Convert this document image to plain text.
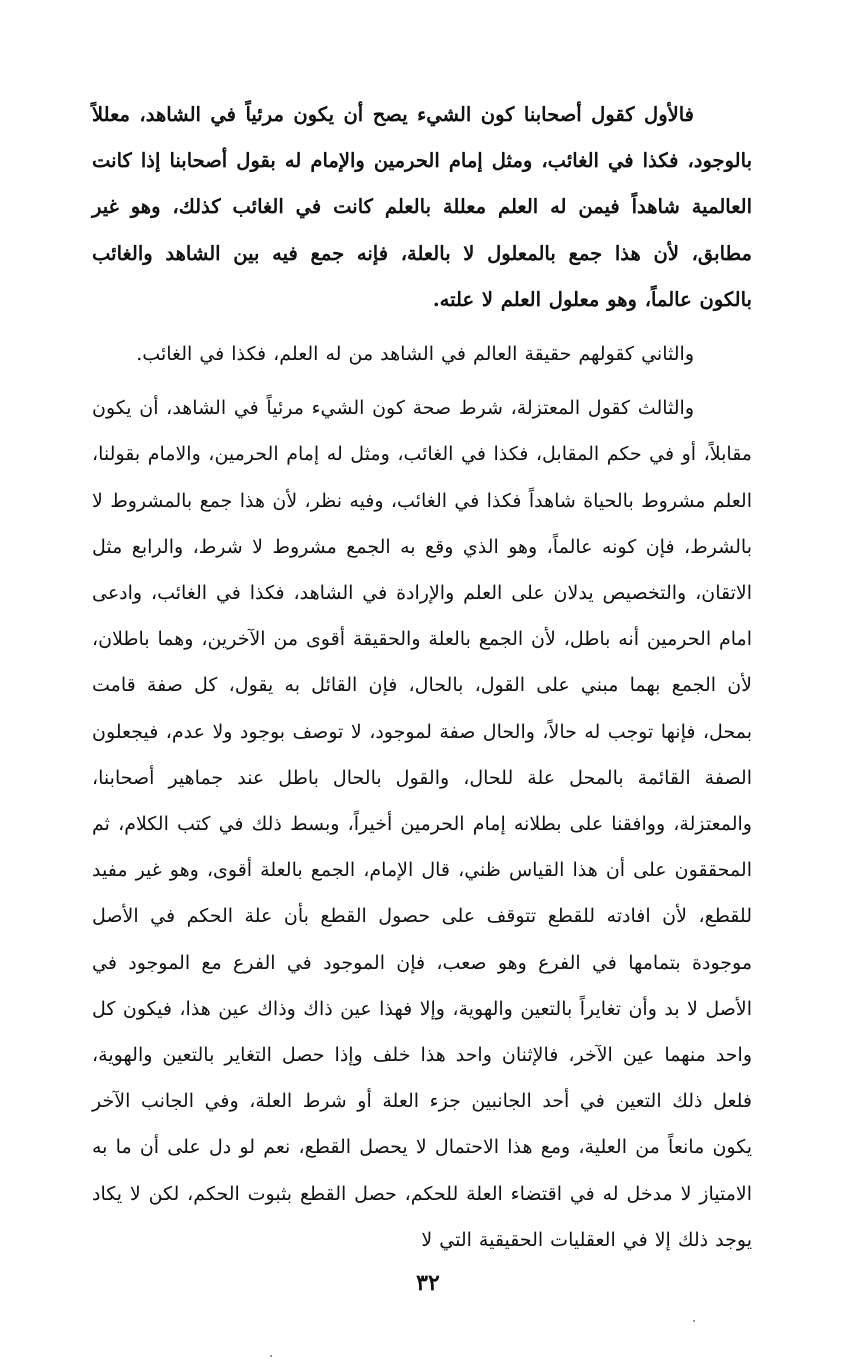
فالأول كقول أصحابنا كون الشيء يصح أن يكون مرئياً في الشاهد، معللاً بالوجود، فكذا في الغائب، ومثل إمام الحرمين والإمام له بقول أصحابنا إذا كانت العالمية شاهداً فيمن له العلم معللة بالعلم كانت في الغائب كذلك، وهو غير مطابق، لأن هذا جمع بالمعلول لا بالعلة، فإنه جمع فيه بين الشاهد والغائب بالكون عالماً، وهو معلول العلم لا علته.

والثاني كقولهم حقيقة العالم في الشاهد من له العلم، فكذا في الغائب.

والثالث كقول المعتزلة، شرط صحة كون الشيء مرئياً في الشاهد، أن يكون مقابلاً، أو في حكم المقابل، فكذا في الغائب، ومثل له إمام الحرمين، والامام بقولنا، العلم مشروط بالحياة شاهداً فكذا في الغائب، وفيه نظر، لأن هذا جمع بالمشروط لا بالشرط، فإن كونه عالماً، وهو الذي وقع به الجمع مشروط لا شرط، والرابع مثل الاتقان، والتخصيص يدلان على العلم والإرادة في الشاهد، فكذا في الغائب، وادعى امام الحرمين أنه باطل، لأن الجمع بالعلة والحقيقة أقوى من الآخرين، وهما باطلان، لأن الجمع بهما مبني على القول، بالحال، فإن القائل به يقول، كل صفة قامت بمحل، فإنها توجب له حالاً، والحال صفة لموجود، لا توصف بوجود ولا عدم، فيجعلون الصفة القائمة بالمحل علة للحال، والقول بالحال باطل عند جماهير أصحابنا، والمعتزلة، ووافقنا على بطلانه إمام الحرمين أخيراً، وبسط ذلك في كتب الكلام، ثم المحققون على أن هذا القياس ظني، قال الإمام، الجمع بالعلة أقوى، وهو غير مفيد للقطع، لأن افادته للقطع تتوقف على حصول القطع بأن علة الحكم في الأصل موجودة بتمامها في الفرع وهو صعب، فإن الموجود في الفرع مع الموجود في الأصل لا بد وأن تغايراً بالتعين والهوية، وإلا فهذا عين ذاك وذاك عين هذا، فيكون كل واحد منهما عين الآخر، فالإثنان واحد هذا خلف وإذا حصل التغاير بالتعين والهوية، فلعل ذلك التعين في أحد الجانبين جزء العلة أو شرط العلة، وفي الجانب الآخر يكون مانعاً من العلية، ومع هذا الاحتمال لا يحصل القطع، نعم لو دل على أن ما به الامتياز لا مدخل له في اقتضاء العلة للحكم، حصل القطع بثبوت الحكم، لكن لا يكاد يوجد ذلك إلا في العقليات الحقيقية التي لا

٣٢
